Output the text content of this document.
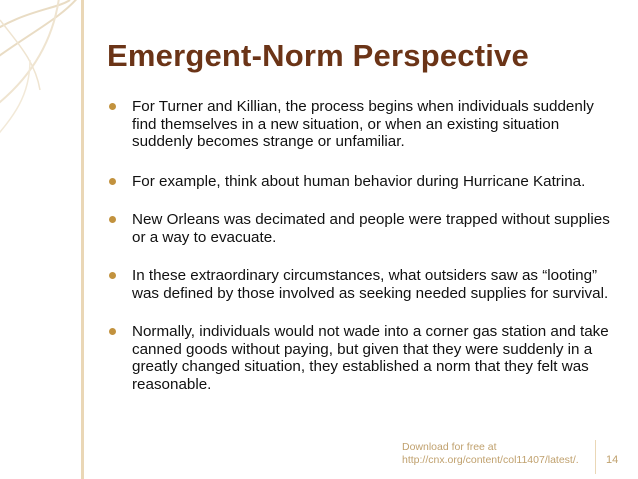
Emergent-Norm Perspective
For Turner and Killian, the process begins when individuals suddenly find themselves in a new situation, or when an existing situation suddenly becomes strange or unfamiliar.
For example, think about human behavior during Hurricane Katrina.
New Orleans was decimated and people were trapped without supplies or a way to evacuate.
In these extraordinary circumstances, what outsiders saw as “looting” was defined by those involved as seeking needed supplies for survival.
Normally, individuals would not wade into a corner gas station and take canned goods without paying, but given that they were suddenly in a greatly changed situation, they established a norm that they felt was reasonable.
Download for free at
http://cnx.org/content/col11407/latest/.	14
